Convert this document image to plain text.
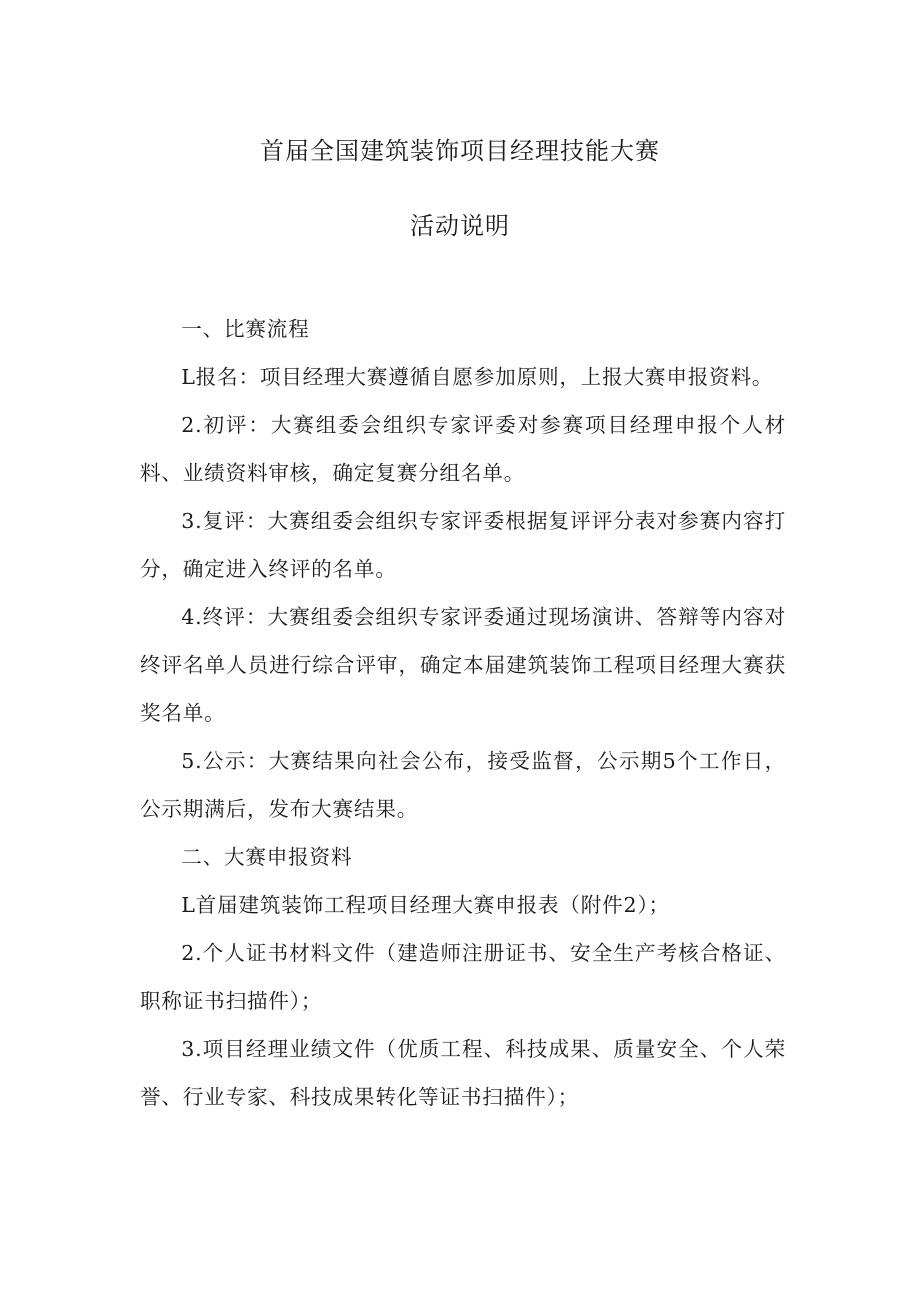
首届全国建筑装饰项目经理技能大赛
活动说明

一、比赛流程

L报名：项目经理大赛遵循自愿参加原则，上报大赛申报资料。

2.初评：大赛组委会组织专家评委对参赛项目经理申报个人材料、业绩资料审核，确定复赛分组名单。

3.复评：大赛组委会组织专家评委根据复评评分表对参赛内容打分，确定进入终评的名单。

4.终评：大赛组委会组织专家评委通过现场演讲、答辩等内容对终评名单人员进行综合评审，确定本届建筑装饰工程项目经理大赛获奖名单。

5.公示：大赛结果向社会公布，接受监督，公示期5个工作日，公示期满后，发布大赛结果。

二、大赛申报资料

L首届建筑装饰工程项目经理大赛申报表（附件2）；

2.个人证书材料文件（建造师注册证书、安全生产考核合格证、职称证书扫描件）；

3.项目经理业绩文件（优质工程、科技成果、质量安全、个人荣誉、行业专家、科技成果转化等证书扫描件）；
